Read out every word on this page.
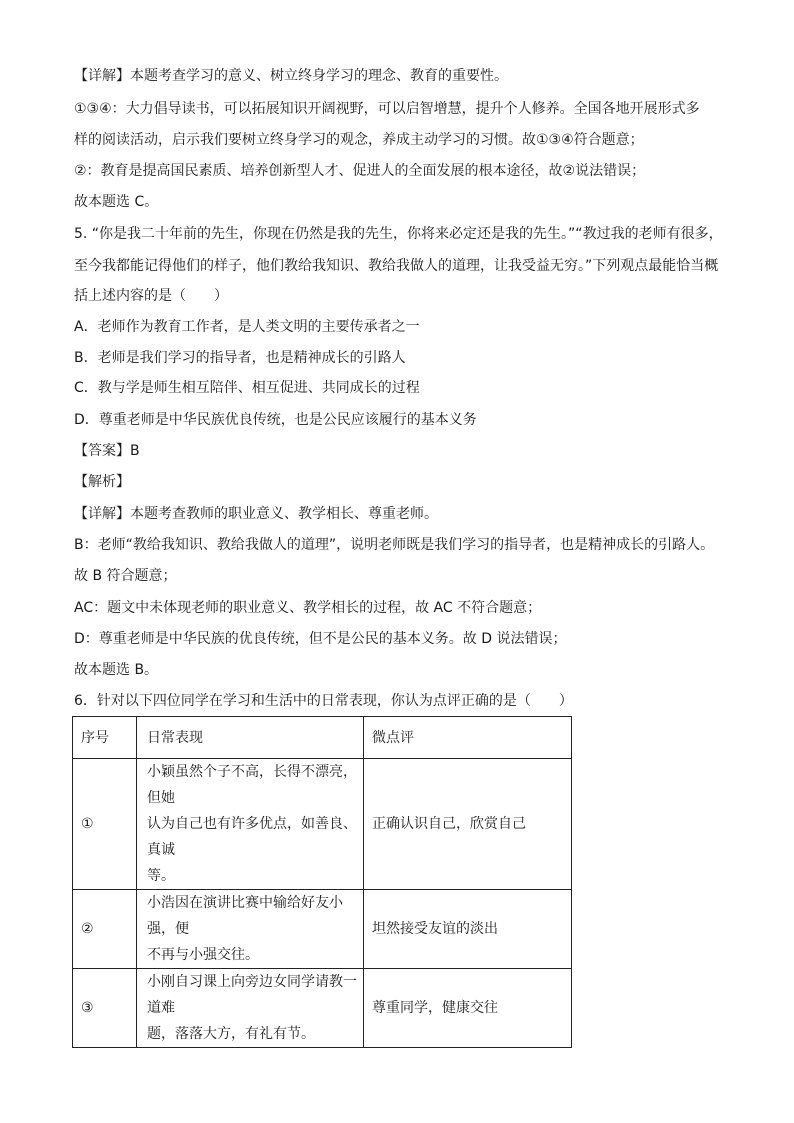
【详解】本题考查学习的意义、树立终身学习的理念、教育的重要性。
①③④：大力倡导读书，可以拓展知识开阔视野，可以启智增慧，提升个人修养。全国各地开展形式多
样的阅读活动，启示我们要树立终身学习的观念，养成主动学习的习惯。故①③④符合题意；
②：教育是提高国民素质、培养创新型人才、促进人的全面发展的根本途径，故②说法错误；
故本题选 C。
5. “你是我二十年前的先生，你现在仍然是我的先生，你将来必定还是我的先生。”“教过我的老师有很多，
至今我都能记得他们的样子，他们教给我知识、教给我做人的道理，让我受益无穷。”下列观点最能恰当概
括上述内容的是（　　）
A．老师作为教育工作者，是人类文明的主要传承者之一
B．老师是我们学习的指导者，也是精神成长的引路人
C．教与学是师生相互陪伴、相互促进、共同成长的过程
D．尊重老师是中华民族优良传统，也是公民应该履行的基本义务
【答案】B
【解析】
【详解】本题考查教师的职业意义、教学相长、尊重老师。
B：老师“教给我知识、教给我做人的道理”，说明老师既是我们学习的指导者，也是精神成长的引路人。
故 B 符合题意；
AC：题文中未体现老师的职业意义、教学相长的过程，故 AC 不符合题意；
D：尊重老师是中华民族的优良传统，但不是公民的基本义务。故 D 说法错误；
故本题选 B。
6．针对以下四位同学在学习和生活中的日常表现，你认为点评正确的是（　　）
序号	日常表现	微点评
①	小颖虽然个子不高，长得不漂亮，但她
认为自己也有许多优点，如善良、真诚
等。	正确认识自己，欣赏自己
②	小浩因在演讲比赛中输给好友小强，便
不再与小强交往。	坦然接受友谊的淡出
③	小刚自习课上向旁边女同学请教一道难
题，落落大方，有礼有节。	尊重同学，健康交往
